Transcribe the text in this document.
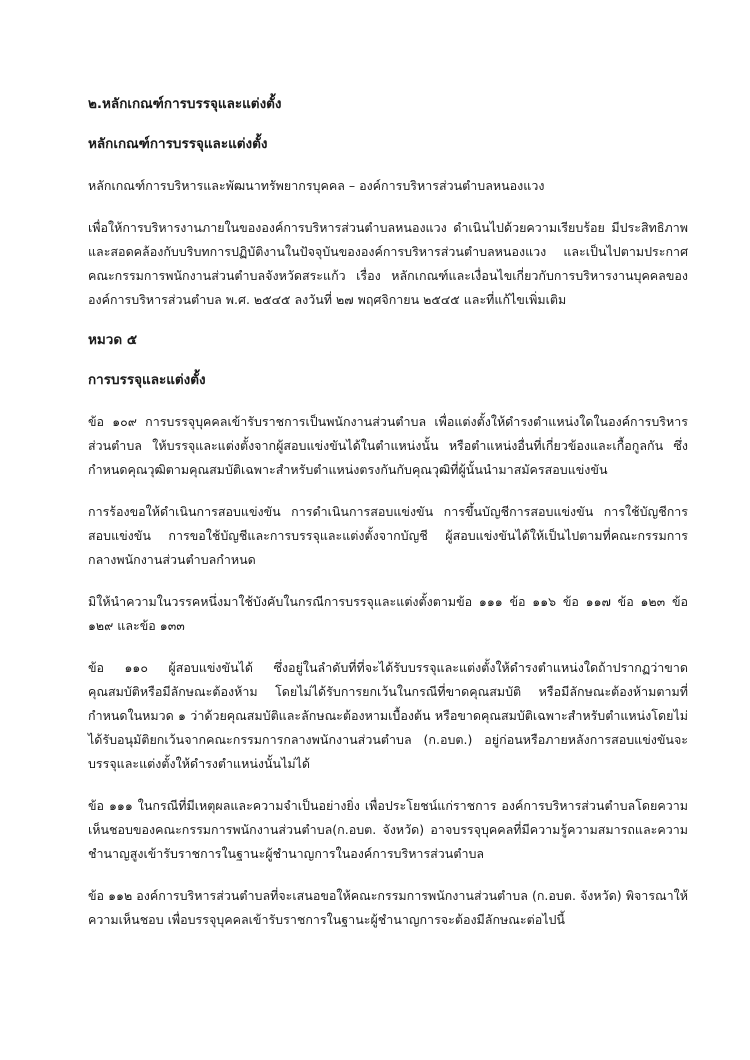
๒.หลักเกณฑ์การบรรจุและแต่งตั้ง

หลักเกณฑ์การบรรจุและแต่งตั้ง

หลักเกณฑ์การบริหารและพัฒนาทรัพยากรบุคคล – องค์การบริหารส่วนตำบลหนองแวง

เพื่อให้การบริหารงานภายในขององค์การบริหารส่วนตำบลหนองแวง ดำเนินไปด้วยความเรียบร้อย มีประสิทธิภาพ และสอดคล้องกับบริบทการปฏิบัติงานในปัจจุบันขององค์การบริหารส่วนตำบลหนองแวง และเป็นไปตามประกาศคณะกรรมการพนักงานส่วนตำบลจังหวัดสระแก้ว เรื่อง หลักเกณฑ์และเงื่อนไขเกี่ยวกับการบริหารงานบุคคลขององค์การบริหารส่วนตำบล พ.ศ. ๒๕๔๕ ลงวันที่ ๒๗ พฤศจิกายน ๒๕๔๕ และที่แก้ไขเพิ่มเติม

หมวด ๕

การบรรจุและแต่งตั้ง

ข้อ ๑๐๙ การบรรจุบุคคลเข้ารับราชการเป็นพนักงานส่วนตำบล เพื่อแต่งตั้งให้ดำรงตำแหน่งใดในองค์การบริหารส่วนตำบล ให้บรรจุและแต่งตั้งจากผู้สอบแข่งขันได้ในตำแหน่งนั้น หรือตำแหน่งอื่นที่เกี่ยวข้องและเกื้อกูลกัน ซึ่งกำหนดคุณวุฒิตามคุณสมบัติเฉพาะสำหรับตำแหน่งตรงกันกับคุณวุฒิที่ผู้นั้นนำมาสมัครสอบแข่งขัน

การร้องขอให้ดำเนินการสอบแข่งขัน การดำเนินการสอบแข่งขัน การขึ้นบัญชีการสอบแข่งขัน การใช้บัญชีการสอบแข่งขัน การขอใช้บัญชีและการบรรจุและแต่งตั้งจากบัญชี ผู้สอบแข่งขันได้ให้เป็นไปตามที่คณะกรรมการกลางพนักงานส่วนตำบลกำหนด

มิให้นำความในวรรคหนึ่งมาใช้บังคับในกรณีการบรรจุและแต่งตั้งตามข้อ ๑๑๑ ข้อ ๑๑๖ ข้อ ๑๑๗ ข้อ ๑๒๓ ข้อ ๑๒๙ และข้อ ๑๓๓

ข้อ ๑๑๐ ผู้สอบแข่งขันได้ ซึ่งอยู่ในลำดับที่ที่จะได้รับบรรจุและแต่งตั้งให้ดำรงตำแหน่งใดถ้าปรากฏว่าขาดคุณสมบัติหรือมีลักษณะต้องห้าม โดยไม่ได้รับการยกเว้นในกรณีที่ขาดคุณสมบัติ หรือมีลักษณะต้องห้ามตามที่กำหนดในหมวด ๑ ว่าด้วยคุณสมบัติและลักษณะต้องหามเบื้องต้น หรือขาดคุณสมบัติเฉพาะสำหรับตำแหน่งโดยไม่ได้รับอนุมัติยกเว้นจากคณะกรรมการกลางพนักงานส่วนตำบล (ก.อบต.) อยู่ก่อนหรือภายหลังการสอบแข่งขันจะบรรจุและแต่งตั้งให้ดำรงตำแหน่งนั้นไม่ได้

ข้อ ๑๑๑ ในกรณีที่มีเหตุผลและความจำเป็นอย่างยิ่ง เพื่อประโยชน์แก่ราชการ องค์การบริหารส่วนตำบลโดยความเห็นชอบของคณะกรรมการพนักงานส่วนตำบล(ก.อบต. จังหวัด) อาจบรรจุบุคคลที่มีความรู้ความสมารถและความชำนาญสูงเข้ารับราชการในฐานะผู้ชำนาญการในองค์การบริหารส่วนตำบล

ข้อ ๑๑๒ องค์การบริหารส่วนตำบลที่จะเสนอขอให้คณะกรรมการพนักงานส่วนตำบล (ก.อบต. จังหวัด) พิจารณาให้ความเห็นชอบ เพื่อบรรจุบุคคลเข้ารับราชการในฐานะผู้ชำนาญการจะต้องมีลักษณะต่อไปนี้
